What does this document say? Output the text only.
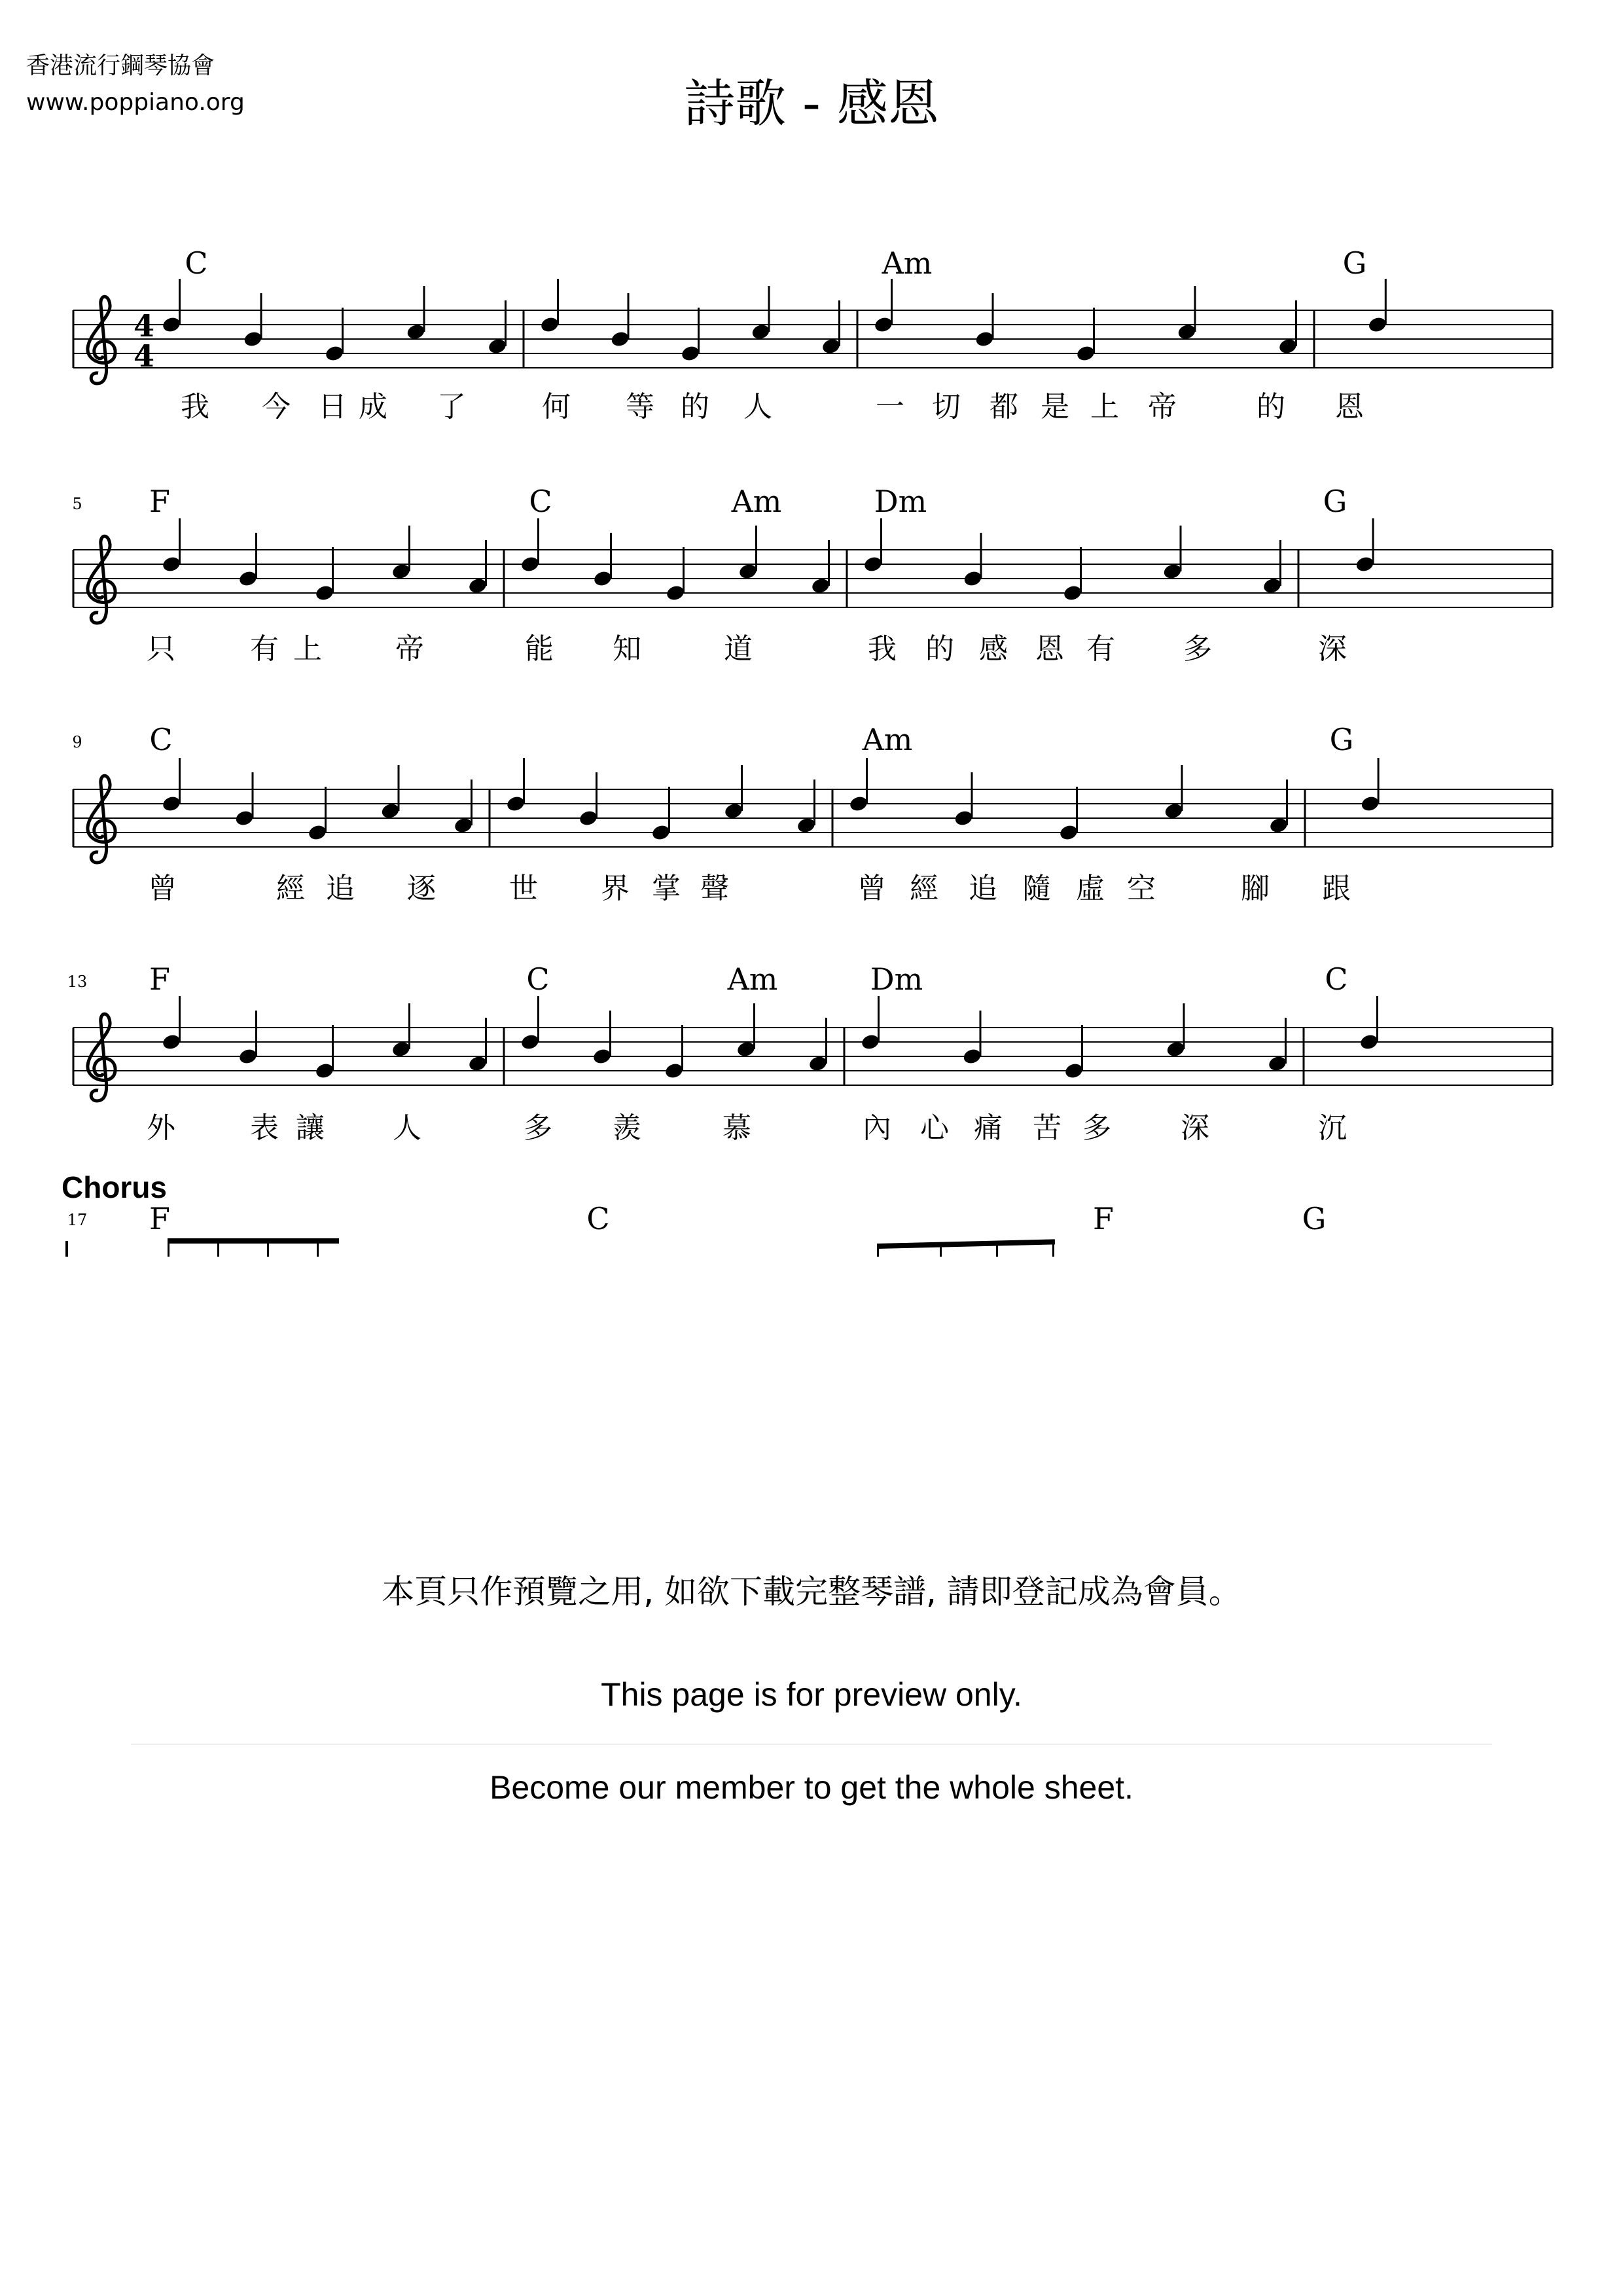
香港流行鋼琴協會
www.poppiano.org	詩歌 - 感恩
4
4
C	Am	G
我 今 日 成 了	何 等 的 人	一 切 都 是 上 帝	的 恩
5 F	C	Am	Dm	G
只	有 上	帝	能 知	道	我 的 感 恩 有 多	深
9 C	Am	G
曾	經 追 逐	世 界 掌 聲	曾 經 追 隨 虛 空	腳 跟
13 F	C	Am	Dm	C
外	表 讓 人	多 羨	慕	內 心 痛 苦 多 深	沉
Chorus
17 F	C	F	G
本頁只作預覽之用, 如欲下載完整琴譜, 請即登記成為會員。
This page is for preview only.
Become our member to get the whole sheet.
